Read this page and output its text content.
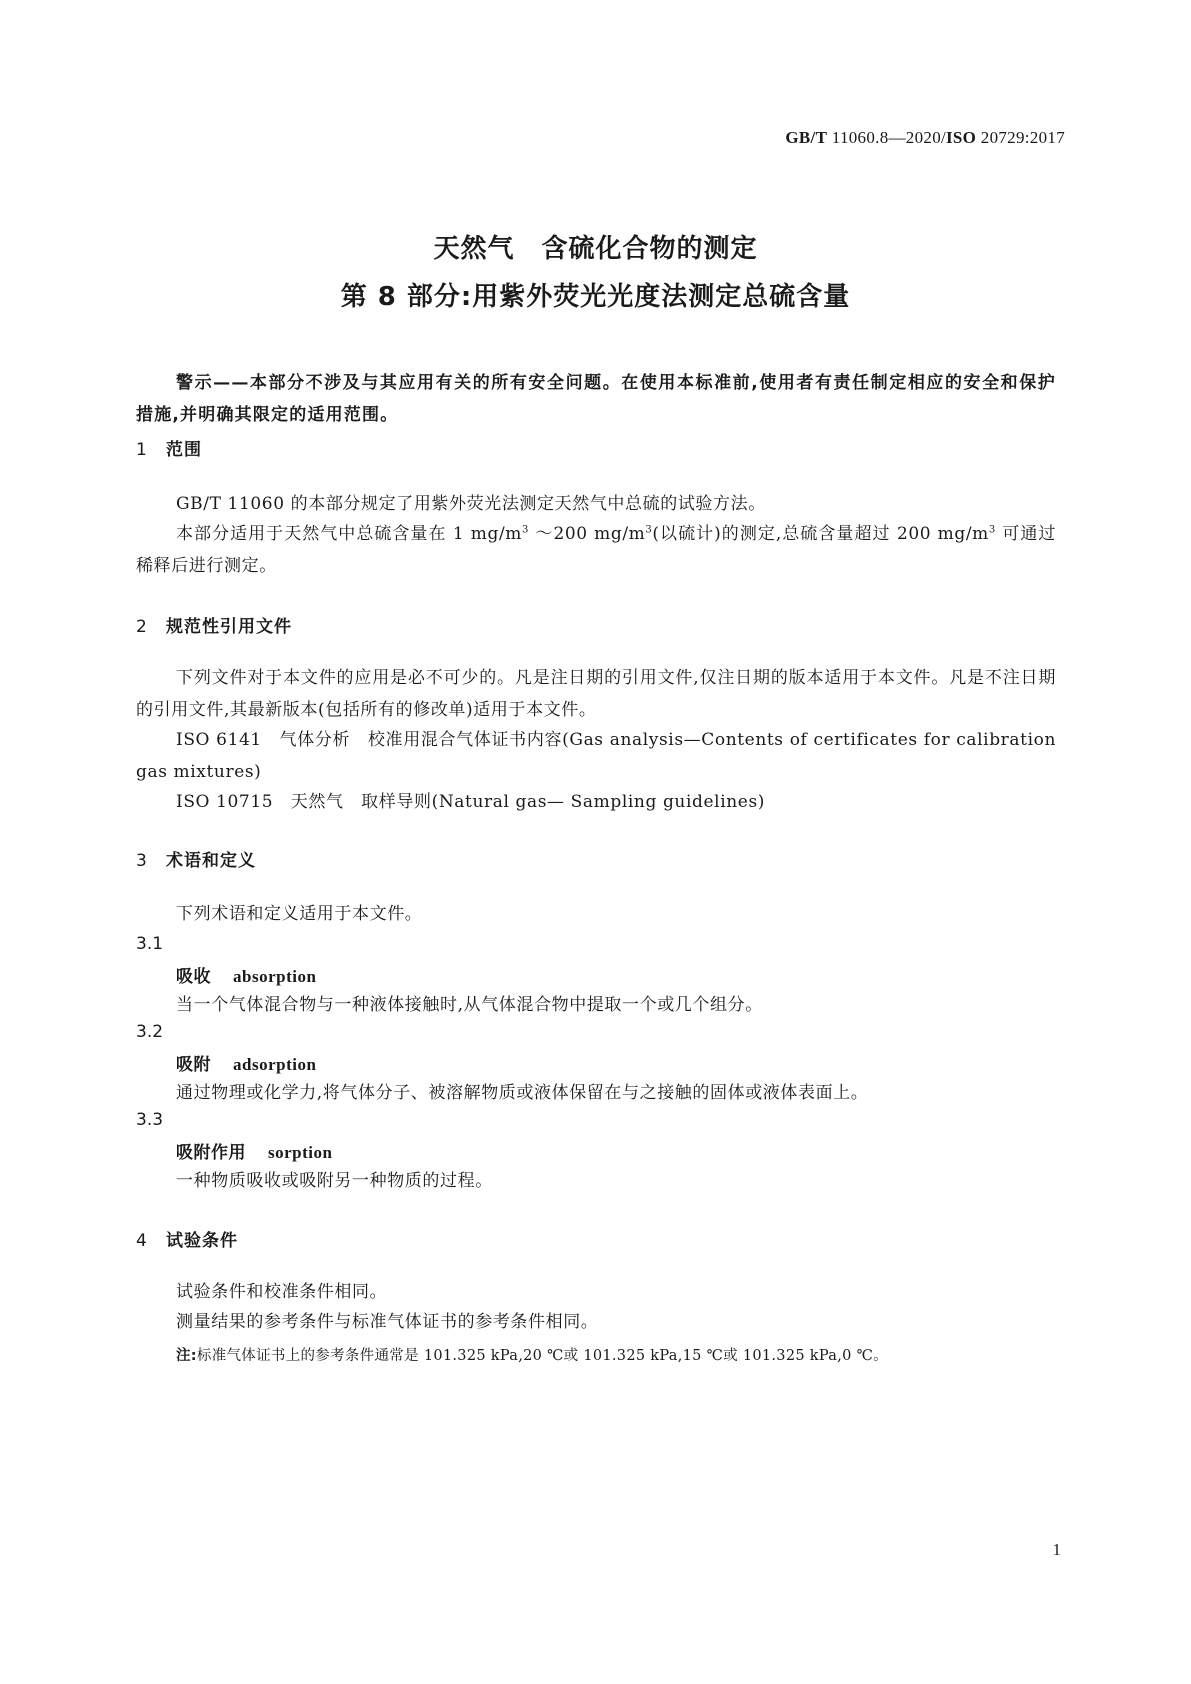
GB/T 11060.8—2020/ISO 20729:2017
天然气　含硫化合物的测定
第 8 部分:用紫外荧光光度法测定总硫含量
警示——本部分不涉及与其应用有关的所有安全问题。在使用本标准前,使用者有责任制定相应的安全和保护措施,并明确其限定的适用范围。
1 范围
GB/T 11060 的本部分规定了用紫外荧光法测定天然气中总硫的试验方法。
本部分适用于天然气中总硫含量在 1 $mg/m^3$ ～200 $mg/m^3$(以硫计)的测定,总硫含量超过 200 $mg/m^3$ 可通过稀释后进行测定。
2 规范性引用文件
下列文件对于本文件的应用是必不可少的。凡是注日期的引用文件,仅注日期的版本适用于本文件。凡是不注日期的引用文件,其最新版本(包括所有的修改单)适用于本文件。
ISO 6141　气体分析　校准用混合气体证书内容(Gas analysis—Contents of certificates for calibration gas mixtures)
ISO 10715　天然气　取样导则(Natural gas— Sampling guidelines)
3 术语和定义
下列术语和定义适用于本文件。
3.1
吸收 absorption
当一个气体混合物与一种液体接触时,从气体混合物中提取一个或几个组分。
3.2
吸附 adsorption
通过物理或化学力,将气体分子、被溶解物质或液体保留在与之接触的固体或液体表面上。
3.3
吸附作用 sorption
一种物质吸收或吸附另一种物质的过程。
4 试验条件
试验条件和校准条件相同。
测量结果的参考条件与标准气体证书的参考条件相同。
注:标准气体证书上的参考条件通常是 101.325 kPa,20 ℃或 101.325 kPa,15 ℃或 101.325 kPa,0 ℃。
1
